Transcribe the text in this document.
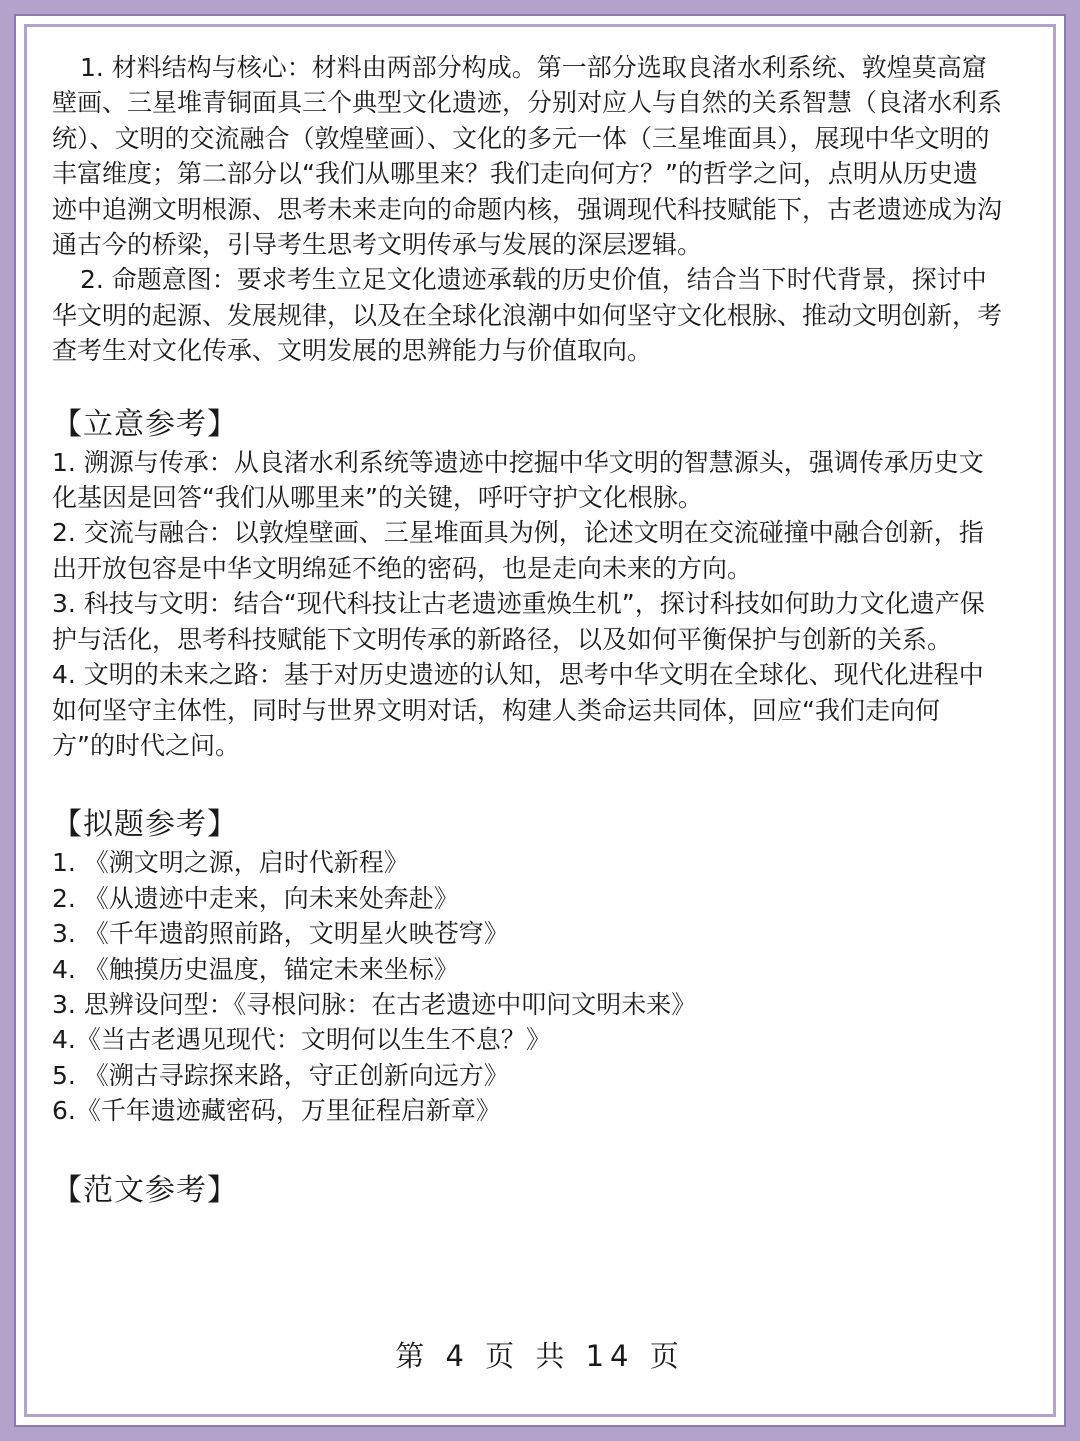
1. 材料结构与核心：材料由两部分构成。第一部分选取良渚水利系统、敦煌莫高窟壁画、三星堆青铜面具三个典型文化遗迹，分别对应人与自然的关系智慧（良渚水利系统）、文明的交流融合（敦煌壁画）、文化的多元一体（三星堆面具），展现中华文明的丰富维度；第二部分以“我们从哪里来？我们走向何方？”的哲学之问，点明从历史遗迹中追溯文明根源、思考未来走向的命题内核，强调现代科技赋能下，古老遗迹成为沟通古今的桥梁，引导考生思考文明传承与发展的深层逻辑。

2. 命题意图：要求考生立足文化遗迹承载的历史价值，结合当下时代背景，探讨中华文明的起源、发展规律，以及在全球化浪潮中如何坚守文化根脉、推动文明创新，考查考生对文化传承、文明发展的思辨能力与价值取向。

【立意参考】

1. 溯源与传承：从良渚水利系统等遗迹中挖掘中华文明的智慧源头，强调传承历史文化基因是回答“我们从哪里来”的关键，呼吁守护文化根脉。

2. 交流与融合：以敦煌壁画、三星堆面具为例，论述文明在交流碰撞中融合创新，指出开放包容是中华文明绵延不绝的密码，也是走向未来的方向。

3. 科技与文明：结合“现代科技让古老遗迹重焕生机”，探讨科技如何助力文化遗产保护与活化，思考科技赋能下文明传承的新路径，以及如何平衡保护与创新的关系。

4. 文明的未来之路：基于对历史遗迹的认知，思考中华文明在全球化、现代化进程中如何坚守主体性，同时与世界文明对话，构建人类命运共同体，回应“我们走向何方”的时代之问。

【拟题参考】

1. 《溯文明之源，启时代新程》

2. 《从遗迹中走来，向未来处奔赴》

3. 《千年遗韵照前路，文明星火映苍穹》

4. 《触摸历史温度，锚定未来坐标》

3. 思辨设问型：《寻根问脉：在古老遗迹中叩问文明未来》

4.《当古老遇见现代：文明何以生生不息？》

5. 《溯古寻踪探来路，守正创新向远方》

6.《千年遗迹藏密码，万里征程启新章》

【范文参考】

第 4 页 共 14 页
